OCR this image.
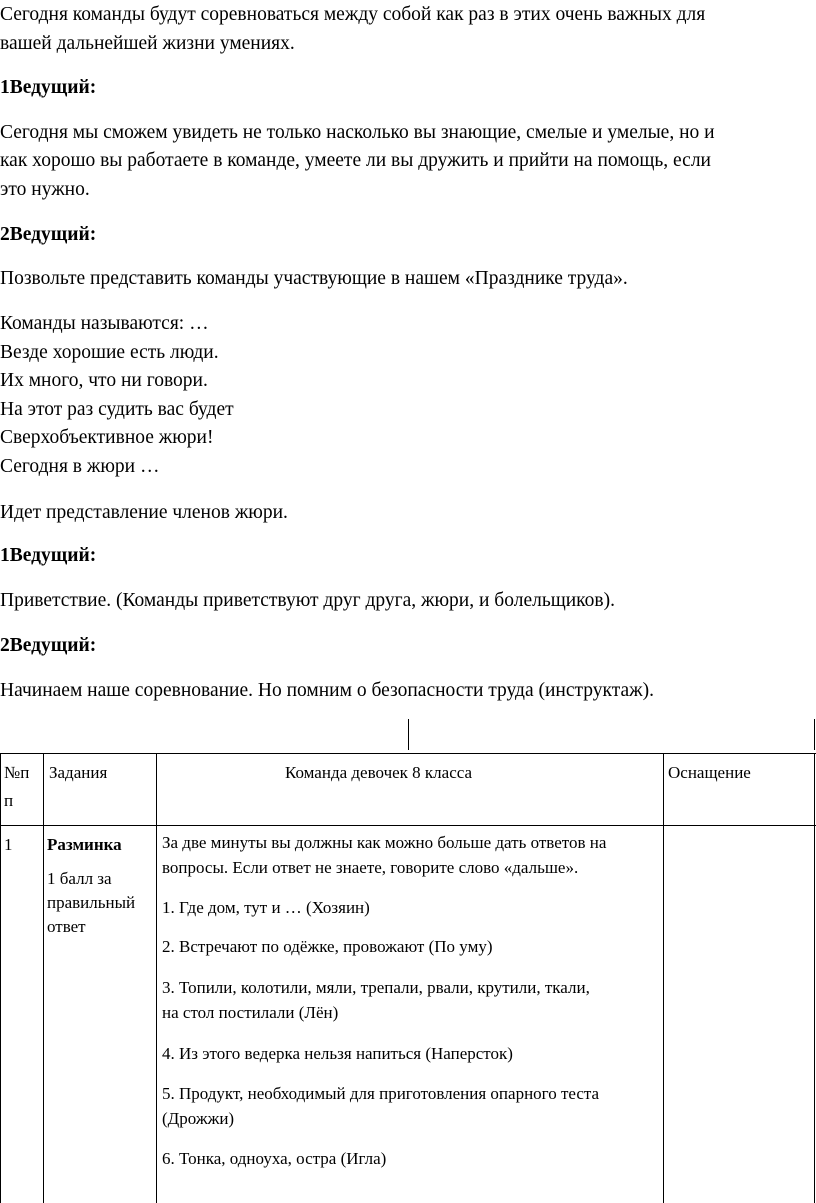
Сегодня команды будут соревноваться между собой как раз в этих очень важных для
вашей дальнейшей жизни умениях.
1Ведущий:
Сегодня мы сможем увидеть не только насколько вы знающие, смелые и умелые, но и
как хорошо вы работаете в команде, умеете ли вы дружить и прийти на помощь, если
это нужно.
2Ведущий:
Позвольте представить команды участвующие в нашем «Празднике труда».
Команды называются: …
Везде хорошие есть люди.
Их много, что ни говори.
На этот раз судить вас будет
Сверхобъективное жюри!
Сегодня в жюри …
Идет представление членов жюри.
1Ведущий:
Приветствие. (Команды приветствуют друг друга, жюри, и болельщиков).
2Ведущий:
Начинаем наше соревнование. Но помним о безопасности труда (инструктаж).
№п
п
Задания	Команда девочек 8 класса	Оснащение
1 Разминка
1 балл за
правильный
ответ
За две минуты вы должны как можно больше дать ответов на
вопросы. Если ответ не знаете, говорите слово «дальше».
1. Где дом, тут и … (Хозяин)
2. Встречают по одёжке, провожают (По уму)
3. Топили, колотили, мяли, трепали, рвали, крутили, ткали,
на стол постилали (Лён)
4. Из этого ведерка нельзя напиться (Наперсток)
5. Продукт, необходимый для приготовления опарного теста
(Дрожжи)
6. Тонка, одноуха, остра (Игла)
